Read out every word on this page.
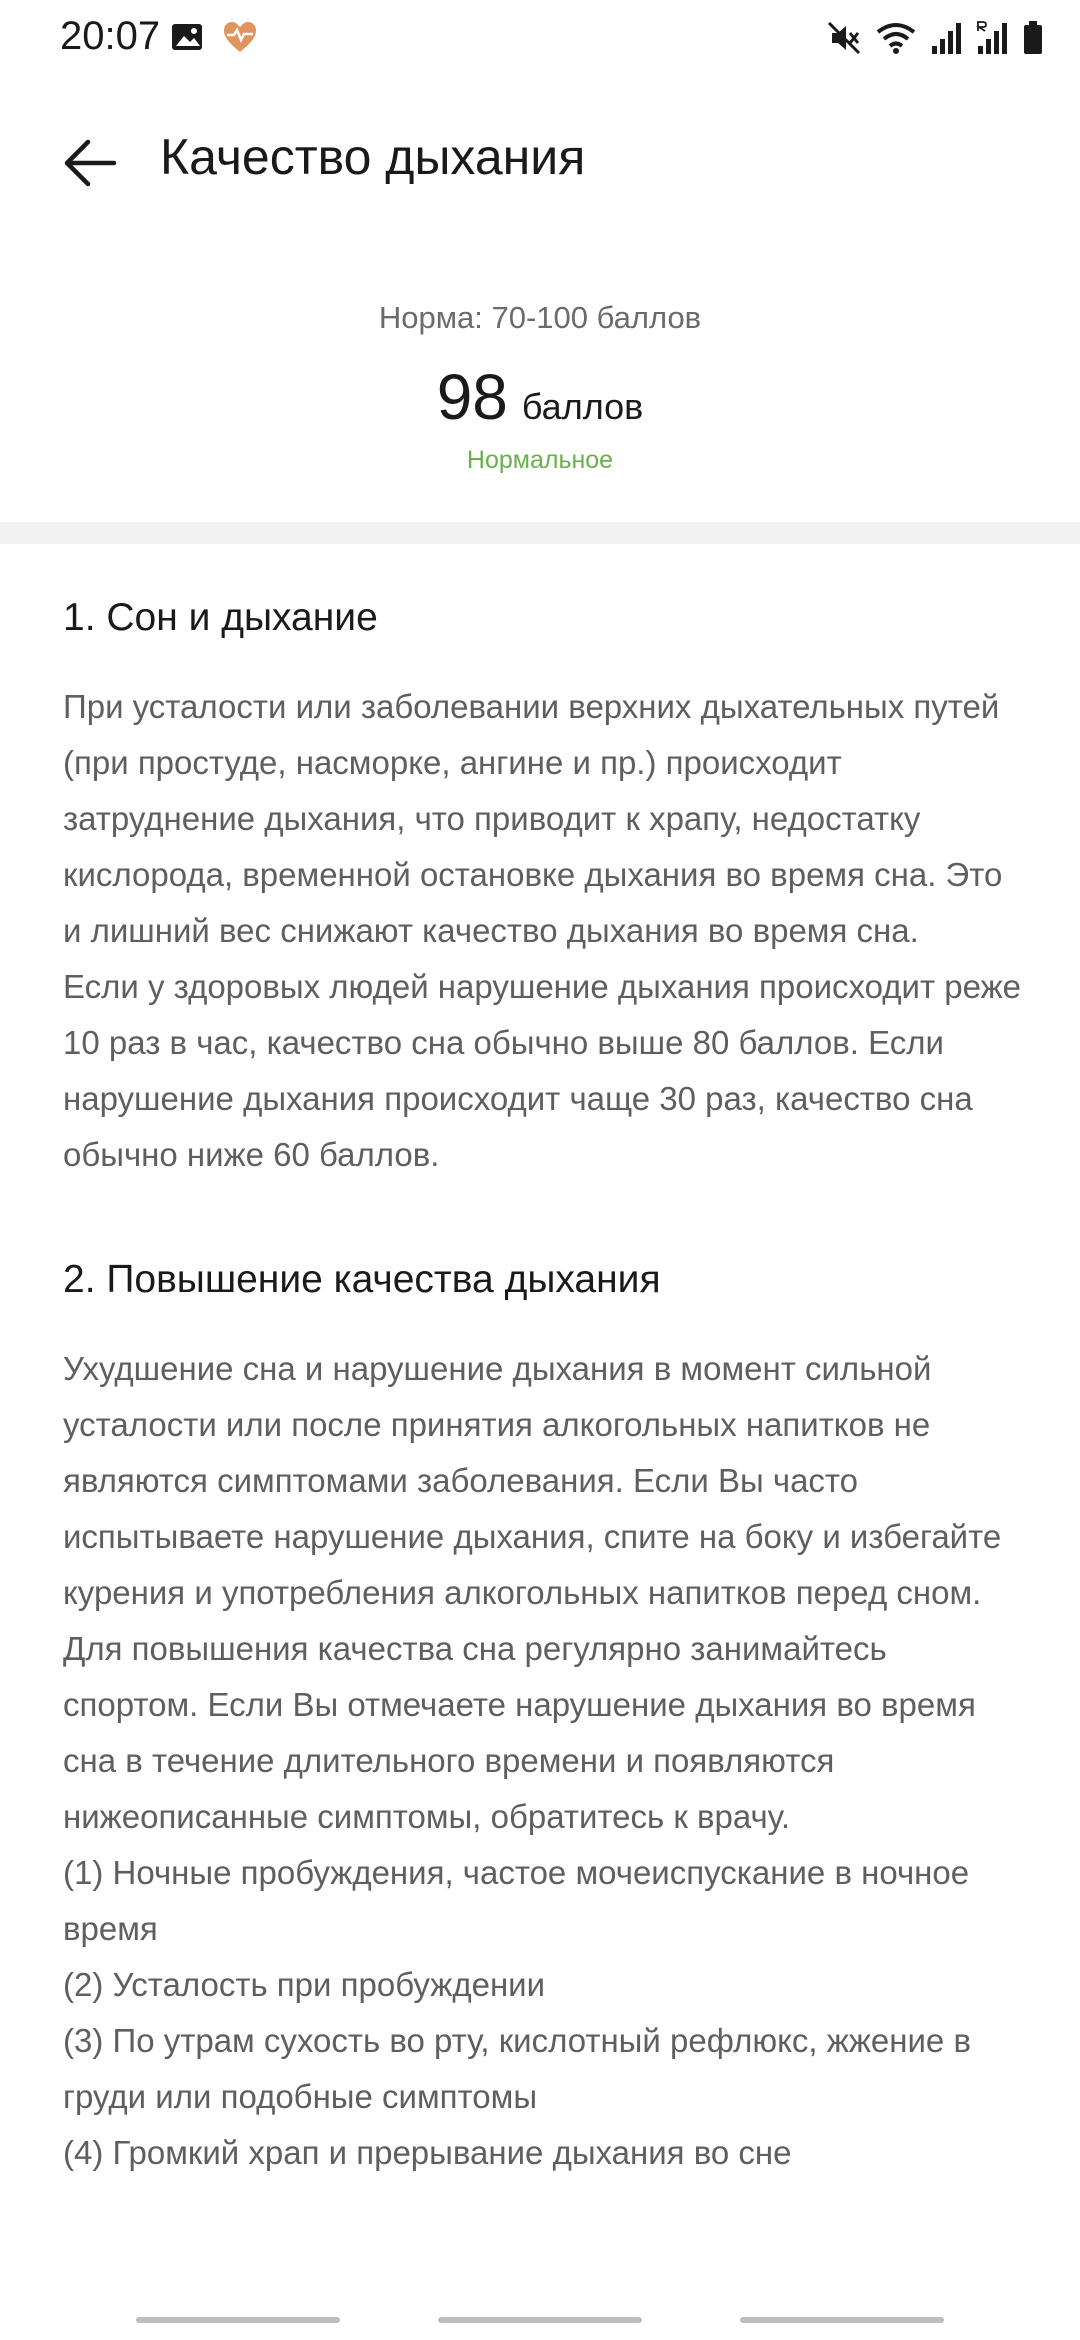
20:07
Качество дыхания
Норма: 70-100 баллов
98 баллов
Нормальное
1. Сон и дыхание

При усталости или заболевании верхних дыхательных путей (при простуде, насморке, ангине и пр.) происходит затруднение дыхания, что приводит к храпу, недостатку кислорода, временной остановке дыхания во время сна. Это и лишний вес снижают качество дыхания во время сна.

Если у здоровых людей нарушение дыхания происходит реже 10 раз в час, качество сна обычно выше 80 баллов. Если нарушение дыхания происходит чаще 30 раз, качество сна обычно ниже 60 баллов.

2. Повышение качества дыхания

Ухудшение сна и нарушение дыхания в момент сильной усталости или после принятия алкогольных напитков не являются симптомами заболевания. Если Вы часто испытываете нарушение дыхания, спите на боку и избегайте курения и употребления алкогольных напитков перед сном. Для повышения качества сна регулярно занимайтесь спортом. Если Вы отмечаете нарушение дыхания во время сна в течение длительного времени и появляются нижеописанные симптомы, обратитесь к врачу.

(1) Ночные пробуждения, частое мочеиспускание в ночное время

(2) Усталость при пробуждении

(3) По утрам сухость во рту, кислотный рефлюкс, жжение в груди или подобные симптомы

(4) Громкий храп и прерывание дыхания во сне
